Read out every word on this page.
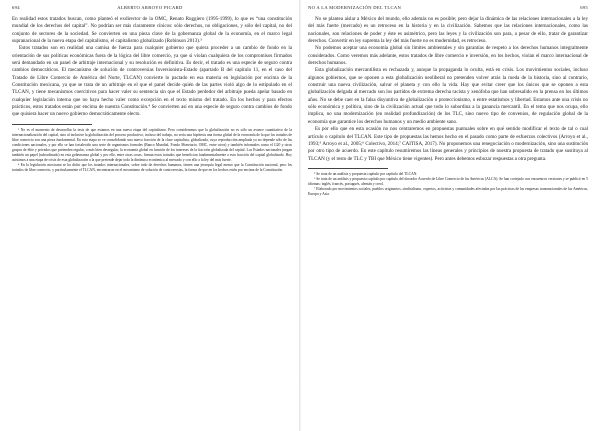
694	ALBERTO ARROYO PICARD

En realidad estos tratados buscan, como planteó el exdirector de la OMC, Renato Ruggiero (1995-1999), lo que es “una constitución mundial de los derechos del capital”. No podrían ser más claramente cínicos: sólo derechos, no obligaciones, y sólo del capital, no del conjunto de sectores de la sociedad. Se convierten en una pieza clave de la gobernanza global de la economía, en el marco legal supranacional de la nueva etapa del capitalismo, el capitalismo globalizado (Robinson 2013).³

Estos tratados son en realidad una camisa de fuerza para cualquier gobierno que quiera proceder a un cambio de fondo en la orientación de sus políticas económicas fuera de la lógica del libre comercio, ya que si violan cualquiera de los compromisos firmados será demandado en un panel de arbitraje internacional y su resolución es definitiva. Es decir, el tratado es una especie de seguro contra cambios democráticos. El mecanismo de solución de controversias Inversionista-Estado (apartado B del capítulo 11, en el caso del Tratado de Libre Comercio de América del Norte, TLCAN) convierte lo pactado en esa materia en legislación por encima de la Constitución mexicana, ya que se trata de un arbitraje en el que el panel decide quién de las partes violó algo de lo estipulado en el TLCAN, y tiene mecanismos coercitivos para hacer valer su sentencia sin que el Estado perdedor del arbitraje pueda apelar basado en cualquier legislación interna que no haya hecho valer como excepción en el texto mismo del tratado. En los hechos y para efectos prácticos, estos tratados están por encima de nuestra Constitución.⁴ Se convierten así en una especie de seguro contra cambios de fondo que quisiera hacer un nuevo gobierno democráticamente electo.

³ No es el momento de desarrollar la tesis de que estamos en una nueva etapa del capitalismo. Pero consideramos que la globalización no es sólo un avance cuantitativo de la internacionalización del capital, sino al inclusive la globalización del proceso productivo, incluso del trabajo, no sería una hipótesis una forma global de la economía de la que los tratados de libre comercio son una pieza fundamental. En esta etapa se ve consolidando una nueva fracción de la clase capitalista, globalizada, cuya reproducción ampliada ya no depende sólo de las condiciones nacionales, y por ello se han fortalecido una serie de organismos formales (Banco Mundial, Fondo Monetario, OMC, entre otros) y también informales como el G20 y otros grupos de élite y privados que pretenden regular, o más bien desregular, la economía global en función de los intereses de la fracción globalizada del capital. Los Estados nacionales juegan también un papel (subordinado) en esta gobernanza global y por ello, entre otras cosas, firman estos tratados que benefician fundamentalmente a esta fracción del capital globalizado. Hoy asistimos a una etapa de crisis de esta globalización a la que pretende dejar toda la dinámica económica al mercado y con ello a la ley del más fuerte.

⁴ En la legislación mexicana se ha dicho que los tratados internacionales, sobre todo de derechos humanos, tienen una jerarquía legal menor que la Constitución nacional, pero los tratados de libre comercio, y particularmente el TLCAN, encontraron en el mecanismo de solución de controversias, la forma de que en los hechos estén por encima de la Constitución.

NO A LA MODERNIZACIÓN DEL TLCAN	695

No se plantea aislar a México del mundo, ello además no es posible; pero dejar la dinámica de las relaciones internacionales a la ley del más fuerte (mercado) es un retroceso en la historia y en la civilización. Sabemos que las relaciones internacionales, como las nacionales, son relaciones de poder y éste es asimétrico, pero las leyes y la civilización son para, a pesar de ello, tratar de garantizar derechos. Convertir en ley suprema la ley del más fuerte no es modernidad, es retroceso.

No podemos aceptar una economía global sin límites ambientales y sin garantías de respeto a los derechos humanos integralmente considerados. Como veremos más adelante, estos tratados de libre comercio e inversión, en los hechos, violan el marco internacional de derechos humanos.

Esta globalización mercantilista es rechazada y, aunque la propaganda lo oculta, está en crisis. Los movimientos sociales, incluso algunos gobiernos, que se oponen a esta globalización neoliberal no pretenden volver atrás la rueda de la historia, sino al contrario, construir una nueva civilización, salvar el planeta y con ello la vida. Hay que evitar creer que los únicos que se oponen a esta globalización delgada al mercado son los partidos de extrema derecha racista y xenófoba que han sobresalido en la prensa en los últimos años. No se debe caer en la falsa disyuntiva de globalización o proteccionismo, o entre estatismos y libertad. Estamos ante una crisis no sólo económica y política, sino de la civilización actual que todo lo subordina a la ganancia mercantil. En el tema que nos ocupa, ello implica, no una modernización (en realidad profundización) de los TLC, sino nuevo tipo de convenios, de regulación global de la economía que garantice los derechos humanos y un medio ambiente sano.

Es por ello que en esta ocasión no nos centraremos en propuestas puntuales sobre en qué sentido modificar el texto de tal o cual artículo o capítulo del TLCAN. Este tipo de propuestas las hemos hecho en el pasado como parte de esfuerzos colectivos (Arroyo et al., 1993;⁵ Arroyo et al., 2005;⁶ Colectivo, 2014;⁷ CAITISA, 2017). No proponemos una renegociación o modernización, sino una sustitución por otro tipo de acuerdo. En este capítulo resumiremos las líneas generales y principios de nuestra propuesta de tratado que sustituya al TLCAN (y el resto de TLC y TBI que México tiene vigentes). Pero antes debemos esbozar respuestas a otra pregunta.

⁵ Se trata de un análisis y propuesta capítulo por capítulo del TLCAN.

⁶ Se trata de un análisis y propuesta capítulo por capítulo del dorrador Acuerdo de Libre Comercio de las Américas (ALCA). Se han cortejado con encuentros versiones y se publicó en 5 idiomas: inglés, francés, portugués, alemán y creol.

⁷ Elaborado por movimientos sociales, pueblos originarios, sindicalismo, expertos, activistas y comunidades afectadas por las prácticas de las empresas transnacionales de las Américas, Europa y Asia.
